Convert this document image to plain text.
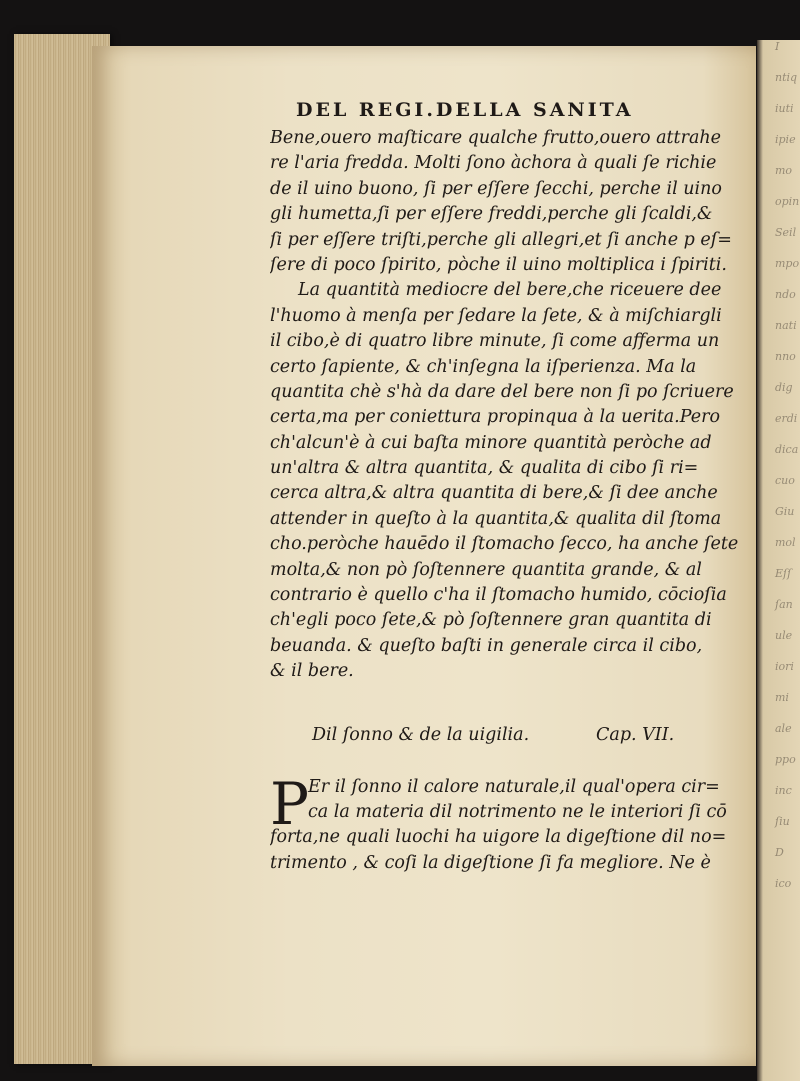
I
ntiq
iuti
ipie
mo
opin
Seil
mpo
ndo
nati
nno
dig
erdi
dica
cuo
Giu
mol
Eſſ
ſan
ule
iori
mi
ale
ppo
inc
ſiu
D
ico
DEL REGI.DELLA SANITA
Bene,ouero maſticare qualche frutto,ouero attrahe
re l'aria fredda. Molti ſono àchora à quali ſe richie
de il uino buono, ſi per eſſere ſecchi, perche il uino
gli humetta,ſi per eſſere freddi,perche gli ſcaldi,&
ſi per eſſere triſti,perche gli allegri,et ſi anche p eſ=
ſere di poco ſpirito, pòche il uino moltiplica i ſpiriti.
La quantità mediocre del bere,che riceuere dee
l'huomo à menſa per ſedare la ſete, & à miſchiargli
il cibo,è di quatro libre minute, ſi come afferma un
certo ſapiente, & ch'inſegna la iſperienza. Ma la
quantita chè s'hà da dare del bere non ſi po ſcriuere
certa,ma per coniettura propinqua à la uerita.Pero
ch'alcun'è à cui baſta minore quantità peròche ad
un'altra & altra quantita, & qualita di cibo ſi ri=
cerca altra,& altra quantita di bere,& ſi dee anche
attender in queſto à la quantita,& qualita dil ſtoma
cho.peròche hauēdo il ſtomacho ſecco, ha anche ſete
molta,& non pò ſoſtennere quantita grande, & al
contrario è quello c'ha il ſtomacho humido, cōcioſia
ch'egli poco ſete,& pò ſoſtennere gran quantita di
beuanda. & queſto baſti in generale circa il cibo,
& il bere.
Dil ſonno & de la uigilia.	Cap. VII.
P
Er il ſonno il calore naturale,il qual'opera cir=
ca la materia dil notrimento ne le interiori ſi cō
forta,ne quali luochi ha uigore la digeſtione dil no=
trimento , & coſi la digeſtione ſi fa megliore. Ne è
